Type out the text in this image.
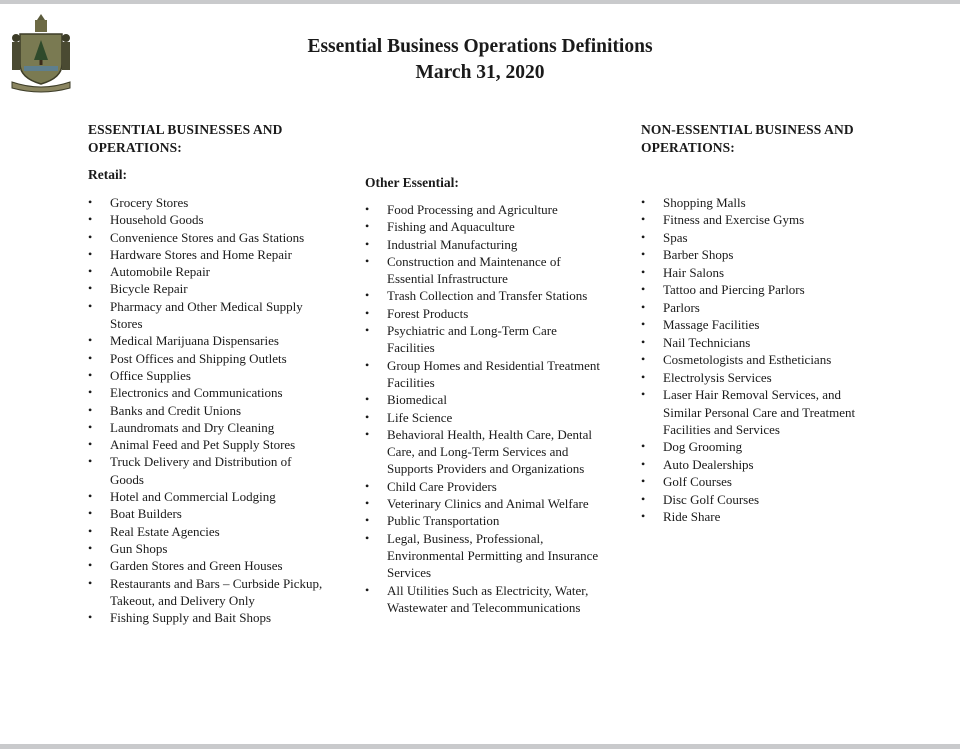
Essential Business Operations Definitions
March 31, 2020
ESSENTIAL BUSINESSES AND OPERATIONS:
Retail:
• Grocery Stores
• Household Goods
• Convenience Stores and Gas Stations
• Hardware Stores and Home Repair
• Automobile Repair
• Bicycle Repair
• Pharmacy and Other Medical Supply Stores
• Medical Marijuana Dispensaries
• Post Offices and Shipping Outlets
• Office Supplies
• Electronics and Communications
• Banks and Credit Unions
• Laundromats and Dry Cleaning
• Animal Feed and Pet Supply Stores
• Truck Delivery and Distribution of Goods
• Hotel and Commercial Lodging
• Boat Builders
• Real Estate Agencies
• Gun Shops
• Garden Stores and Green Houses
• Restaurants and Bars – Curbside Pickup, Takeout, and Delivery Only
• Fishing Supply and Bait Shops
Other Essential:
• Food Processing and Agriculture
• Fishing and Aquaculture
• Industrial Manufacturing
• Construction and Maintenance of Essential Infrastructure
• Trash Collection and Transfer Stations
• Forest Products
• Psychiatric and Long-Term Care Facilities
• Group Homes and Residential Treatment Facilities
• Biomedical
• Life Science
• Behavioral Health, Health Care, Dental Care, and Long-Term Services and Supports Providers and Organizations
• Child Care Providers
• Veterinary Clinics and Animal Welfare
• Public Transportation
• Legal, Business, Professional, Environmental Permitting and Insurance Services
• All Utilities Such as Electricity, Water, Wastewater and Telecommunications
NON-ESSENTIAL BUSINESS AND OPERATIONS:
• Shopping Malls
• Fitness and Exercise Gyms
• Spas
• Barber Shops
• Hair Salons
• Tattoo and Piercing Parlors
• Parlors
• Massage Facilities
• Nail Technicians
• Cosmetologists and Estheticians
• Electrolysis Services
• Laser Hair Removal Services, and Similar Personal Care and Treatment Facilities and Services
• Dog Grooming
• Auto Dealerships
• Golf Courses
• Disc Golf Courses
• Ride Share
